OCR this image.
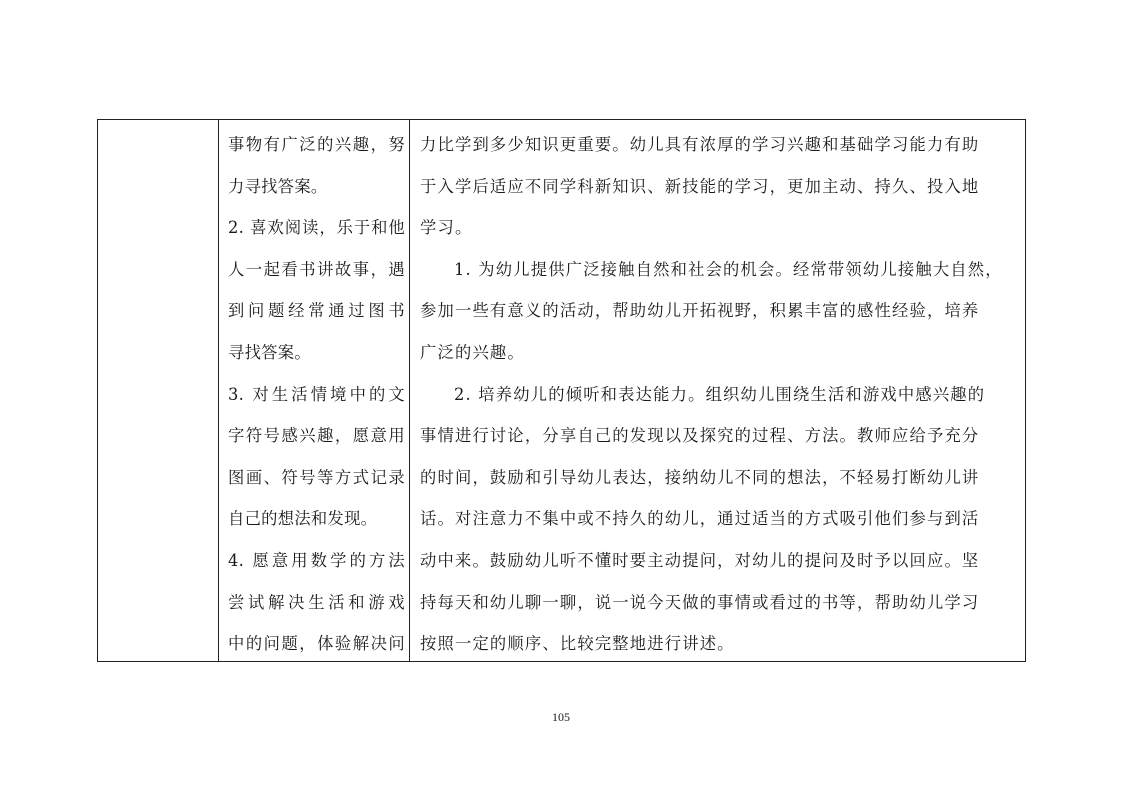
事物有广泛的兴趣，努
力寻找答案。
2. 喜欢阅读，乐于和他
人一起看书讲故事，遇
到问题经常通过图书
寻找答案。
3. 对生活情境中的文
字符号感兴趣，愿意用
图画、符号等方式记录
自己的想法和发现。
4. 愿意用数学的方法
尝试解决生活和游戏
中的问题，体验解决问
力比学到多少知识更重要。幼儿具有浓厚的学习兴趣和基础学习能力有助
于入学后适应不同学科新知识、新技能的学习，更加主动、持久、投入地
学习。
1. 为幼儿提供广泛接触自然和社会的机会。经常带领幼儿接触大自然，
参加一些有意义的活动，帮助幼儿开拓视野，积累丰富的感性经验，培养
广泛的兴趣。
2. 培养幼儿的倾听和表达能力。组织幼儿围绕生活和游戏中感兴趣的
事情进行讨论，分享自己的发现以及探究的过程、方法。教师应给予充分
的时间，鼓励和引导幼儿表达，接纳幼儿不同的想法，不轻易打断幼儿讲
话。对注意力不集中或不持久的幼儿，通过适当的方式吸引他们参与到活
动中来。鼓励幼儿听不懂时要主动提问，对幼儿的提问及时予以回应。坚
持每天和幼儿聊一聊，说一说今天做的事情或看过的书等，帮助幼儿学习
按照一定的顺序、比较完整地进行讲述。
105
